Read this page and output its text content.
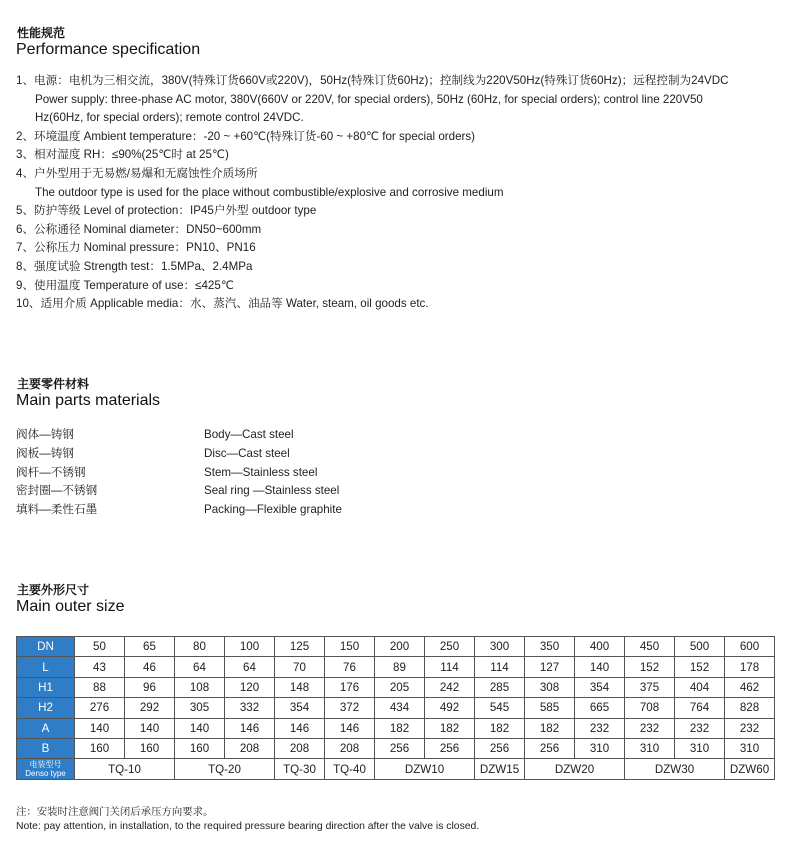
性能规范
Performance specification
1、电源：电机为三相交流，380V(特殊订货660V或220V)，50Hz(特殊订货60Hz)；控制线为220V50Hz(特殊订货60Hz)；远程控制为24VDC
Power supply: three-phase AC motor, 380V(660V or 220V, for special orders), 50Hz (60Hz, for special orders); control line 220V50
Hz(60Hz, for special orders); remote control 24VDC.
2、环境温度 Ambient temperature：-20 ~ +60℃(特殊订货-60 ~ +80℃ for special orders)
3、相对湿度 RH：≤90%(25℃时 at 25℃)
4、户外型用于无易燃/易爆和无腐蚀性介质场所
The outdoor type is used for the place without combustible/explosive and corrosive medium
5、防护等级 Level of protection：IP45户外型 outdoor type
6、公称通径 Nominal diameter：DN50~600mm
7、公称压力 Nominal pressure：PN10、PN16
8、强度试验 Strength test：1.5MPa、2.4MPa
9、使用温度 Temperature of use：≤425℃
10、适用介质 Applicable media：水、蒸汽、油品等 Water, steam, oil goods etc.
主要零件材料
Main parts materials
阀体—铸钢	Body—Cast steel
阀板—铸钢	Disc—Cast steel
阀杆—不锈钢	Stem—Stainless steel
密封圈—不锈钢	Seal ring —Stainless steel
填料—柔性石墨	Packing—Flexible graphite
主要外形尺寸
Main outer size
DN	50	65	80	100	125	150	200	250	300	350	400	450	500	600
L	43	46	64	64	70	76	89	114	114	127	140	152	152	178
H1	88	96	108	120	148	176	205	242	285	308	354	375	404	462
H2	276	292	305	332	354	372	434	492	545	585	665	708	764	828
A	140	140	140	146	146	146	182	182	182	182	232	232	232	232
B	160	160	160	208	208	208	256	256	256	256	310	310	310	310

电装型号
Denso type	TQ-10		TQ-20		TQ-30	TQ-40	DZW10		DZW15	DZW20		DZW30		DZW60
注：安装时注意阀门关闭后承压方向要求。
Note: pay attention, in installation, to the required pressure bearing direction after the valve is closed.
